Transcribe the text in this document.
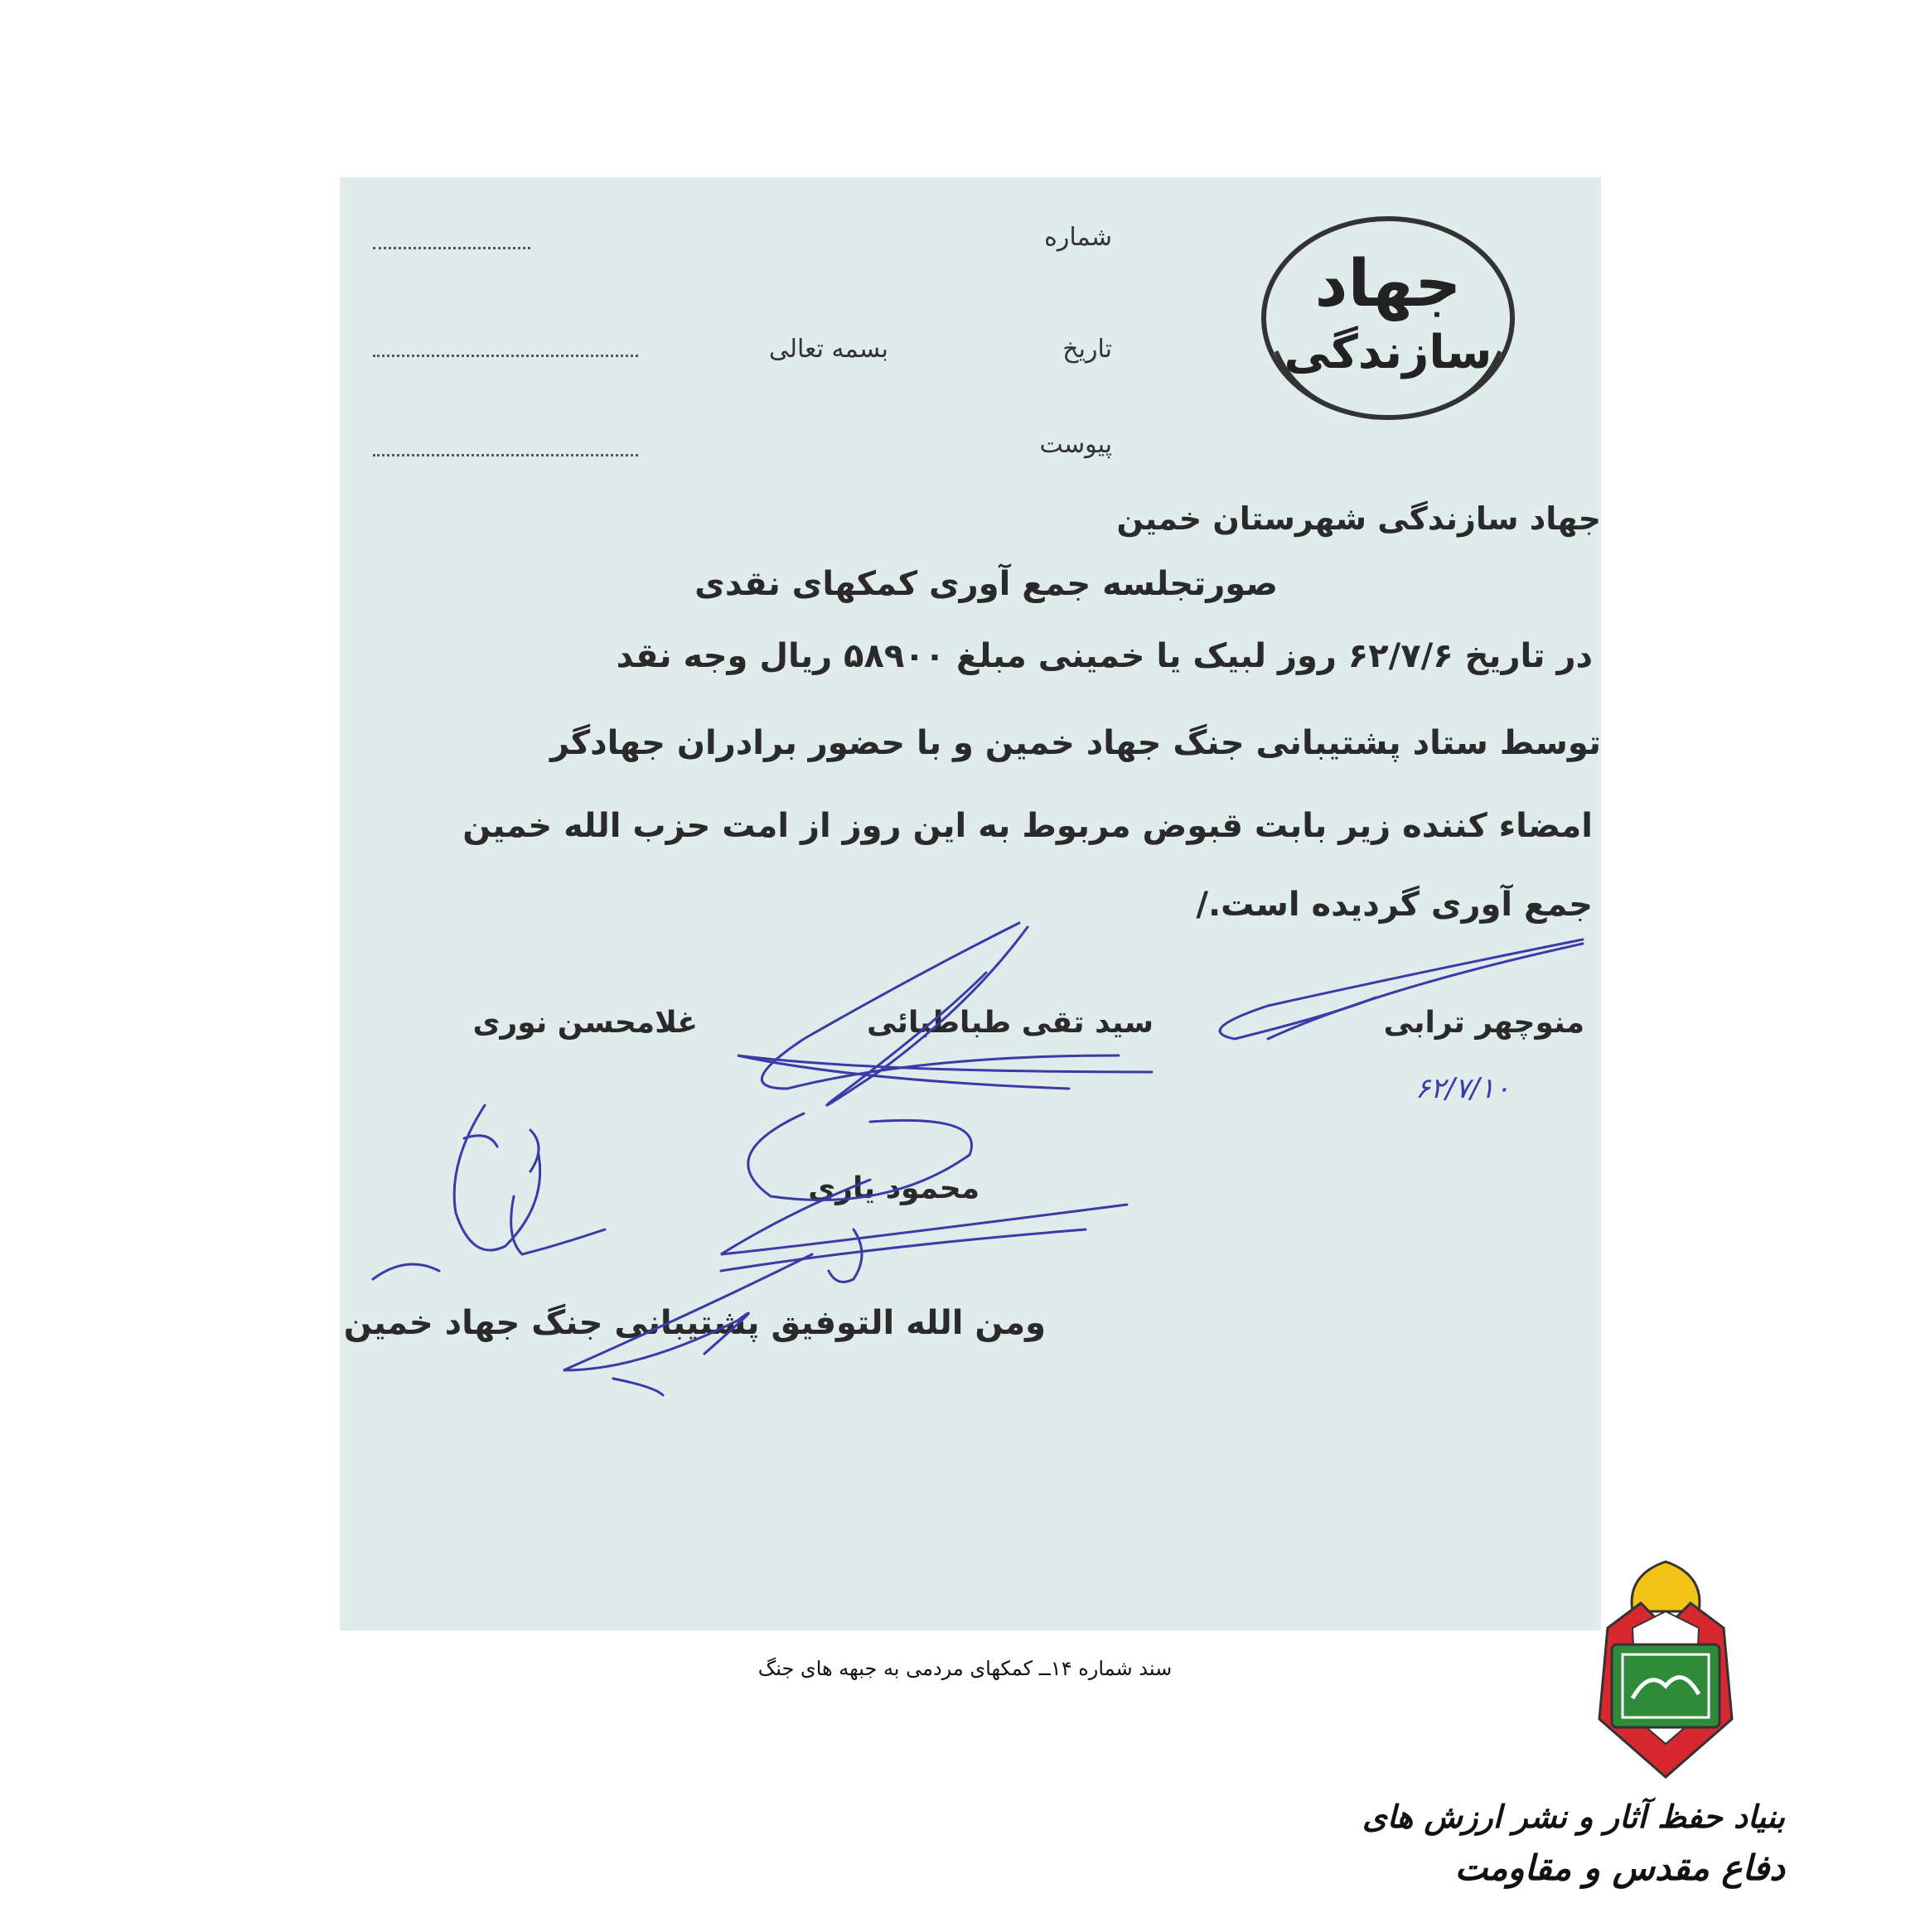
جهاد
سازندگی
شماره
بسمه تعالی	تاریخ
پیوست
جهاد سازندگی شهرستان خمین
صورتجلسه جمع آوری کمکهای نقدی
در تاریخ ۶۲/۷/۶ روز لبیک یا خمینی مبلغ ۵۸۹۰۰ ریال وجه نقد
توسط ستاد پشتیبانی جنگ جهاد خمین و با حضور برادران جهادگر
امضاء کننده زیر بابت قبوض مربوط به این روز از امت حزب الله خمین
جمع آوری گردیده است./
منوچهر ترابی
۶۲/۷/۱۰
سید تقی طباطبائی
غلامحسن نوری
محمود یاری
ومن الله التوفیق پشتیبانی جنگ جهاد خمین
سند شماره ۱۴ــ کمکهای مردمی به جبهه های جنگ
بنیاد حفظ آثار و نشر ارزش های
دفاع مقدس و مقاومت
